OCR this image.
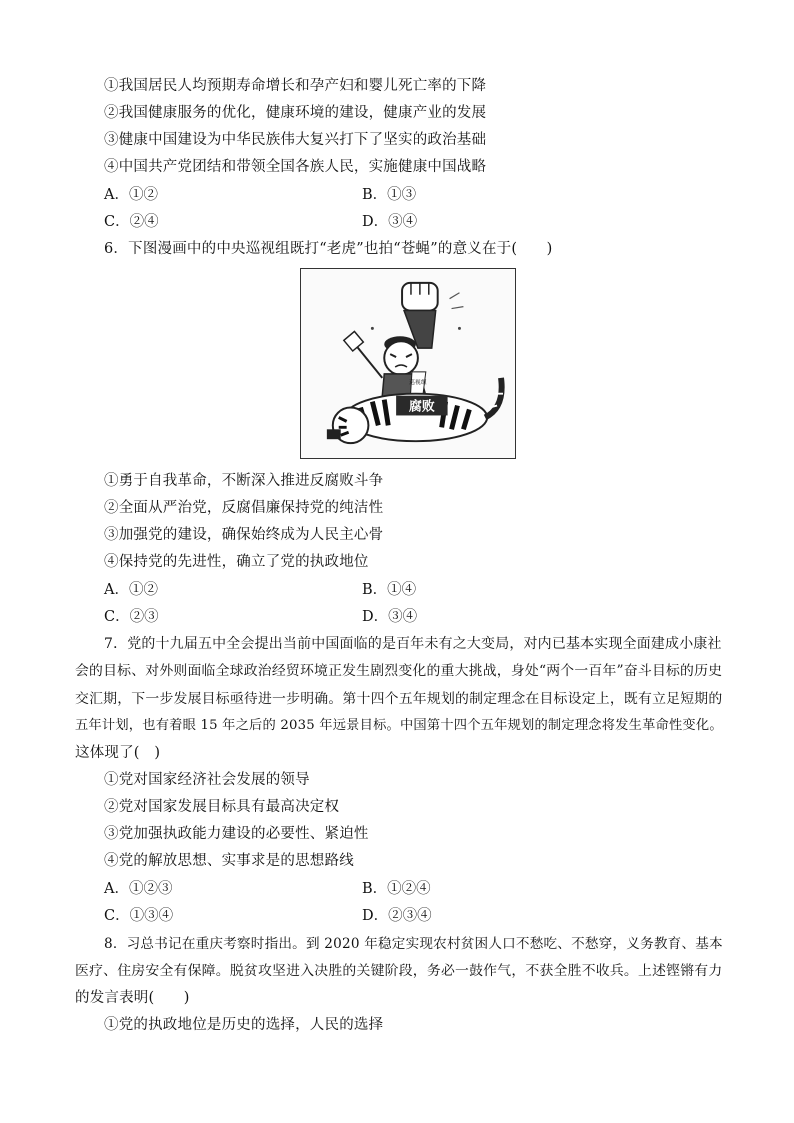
①我国居民人均预期寿命增长和孕产妇和婴儿死亡率的下降
②我国健康服务的优化，健康环境的建设，健康产业的发展
③健康中国建设为中华民族伟大复兴打下了坚实的政治基础
④中国共产党团结和带领全国各族人民，实施健康中国战略
A．①②	B．①③
C．②④	D．③④
6．下图漫画中的中央巡视组既打“老虎”也拍“苍蝇”的意义在于(　　)
巡视组
腐败
①勇于自我革命，不断深入推进反腐败斗争
②全面从严治党，反腐倡廉保持党的纯洁性
③加强党的建设，确保始终成为人民主心骨
④保持党的先进性，确立了党的执政地位
A．①②	B．①④
C．②③	D．③④
7．党的十九届五中全会提出当前中国面临的是百年未有之大变局，对内已基本实现全面建成小康社
会的目标、对外则面临全球政治经贸环境正发生剧烈变化的重大挑战，身处“两个一百年”奋斗目标的历史
交汇期，下一步发展目标亟待进一步明确。第十四个五年规划的制定理念在目标设定上，既有立足短期的
五年计划，也有着眼 15 年之后的 2035 年远景目标。中国第十四个五年规划的制定理念将发生革命性变化。
这体现了(　)
①党对国家经济社会发展的领导
②党对国家发展目标具有最高决定权
③党加强执政能力建设的必要性、紧迫性
④党的解放思想、实事求是的思想路线
A．①②③	B．①②④
C．①③④	D．②③④
8．习总书记在重庆考察时指出。到 2020 年稳定实现农村贫困人口不愁吃、不愁穿，义务教育、基本
医疗、住房安全有保障。脱贫攻坚进入决胜的关键阶段，务必一鼓作气，不获全胜不收兵。上述铿锵有力
的发言表明(　　)
①党的执政地位是历史的选择，人民的选择
